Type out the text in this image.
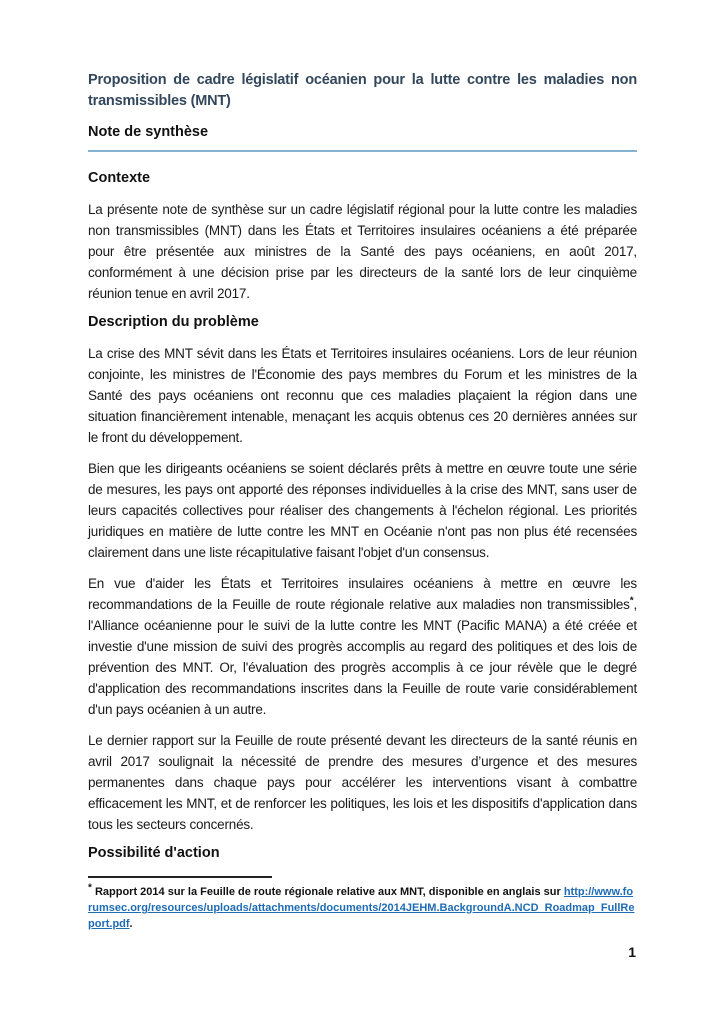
Proposition de cadre législatif océanien pour la lutte contre les maladies non transmissibles (MNT)
Note de synthèse
Contexte

La présente note de synthèse sur un cadre législatif régional pour la lutte contre les maladies non transmissibles (MNT) dans les États et Territoires insulaires océaniens a été préparée pour être présentée aux ministres de la Santé des pays océaniens, en août 2017, conformément à une décision prise par les directeurs de la santé lors de leur cinquième réunion tenue en avril 2017.

Description du problème

La crise des MNT sévit dans les États et Territoires insulaires océaniens. Lors de leur réunion conjointe, les ministres de l'Économie des pays membres du Forum et les ministres de la Santé des pays océaniens ont reconnu que ces maladies plaçaient la région dans une situation financièrement intenable, menaçant les acquis obtenus ces 20 dernières années sur le front du développement.

Bien que les dirigeants océaniens se soient déclarés prêts à mettre en œuvre toute une série de mesures, les pays ont apporté des réponses individuelles à la crise des MNT, sans user de leurs capacités collectives pour réaliser des changements à l'échelon régional. Les priorités juridiques en matière de lutte contre les MNT en Océanie n'ont pas non plus été recensées clairement dans une liste récapitulative faisant l'objet d'un consensus.

En vue d'aider les États et Territoires insulaires océaniens à mettre en œuvre les recommandations de la Feuille de route régionale relative aux maladies non transmissibles*, l'Alliance océanienne pour le suivi de la lutte contre les MNT (Pacific MANA) a été créée et investie d'une mission de suivi des progrès accomplis au regard des politiques et des lois de prévention des MNT. Or, l'évaluation des progrès accomplis à ce jour révèle que le degré d'application des recommandations inscrites dans la Feuille de route varie considérablement d'un pays océanien à un autre.

Le dernier rapport sur la Feuille de route présenté devant les directeurs de la santé réunis en avril 2017 soulignait la nécessité de prendre des mesures d’urgence et des mesures permanentes dans chaque pays pour accélérer les interventions visant à combattre efficacement les MNT, et de renforcer les politiques, les lois et les dispositifs d'application dans tous les secteurs concernés.

Possibilité d'action
* Rapport 2014 sur la Feuille de route régionale relative aux MNT, disponible en anglais sur http://www.forumsec.org/resources/uploads/attachments/documents/2014JEHM.BackgroundA.NCD_Roadmap_FullReport.pdf.
1
